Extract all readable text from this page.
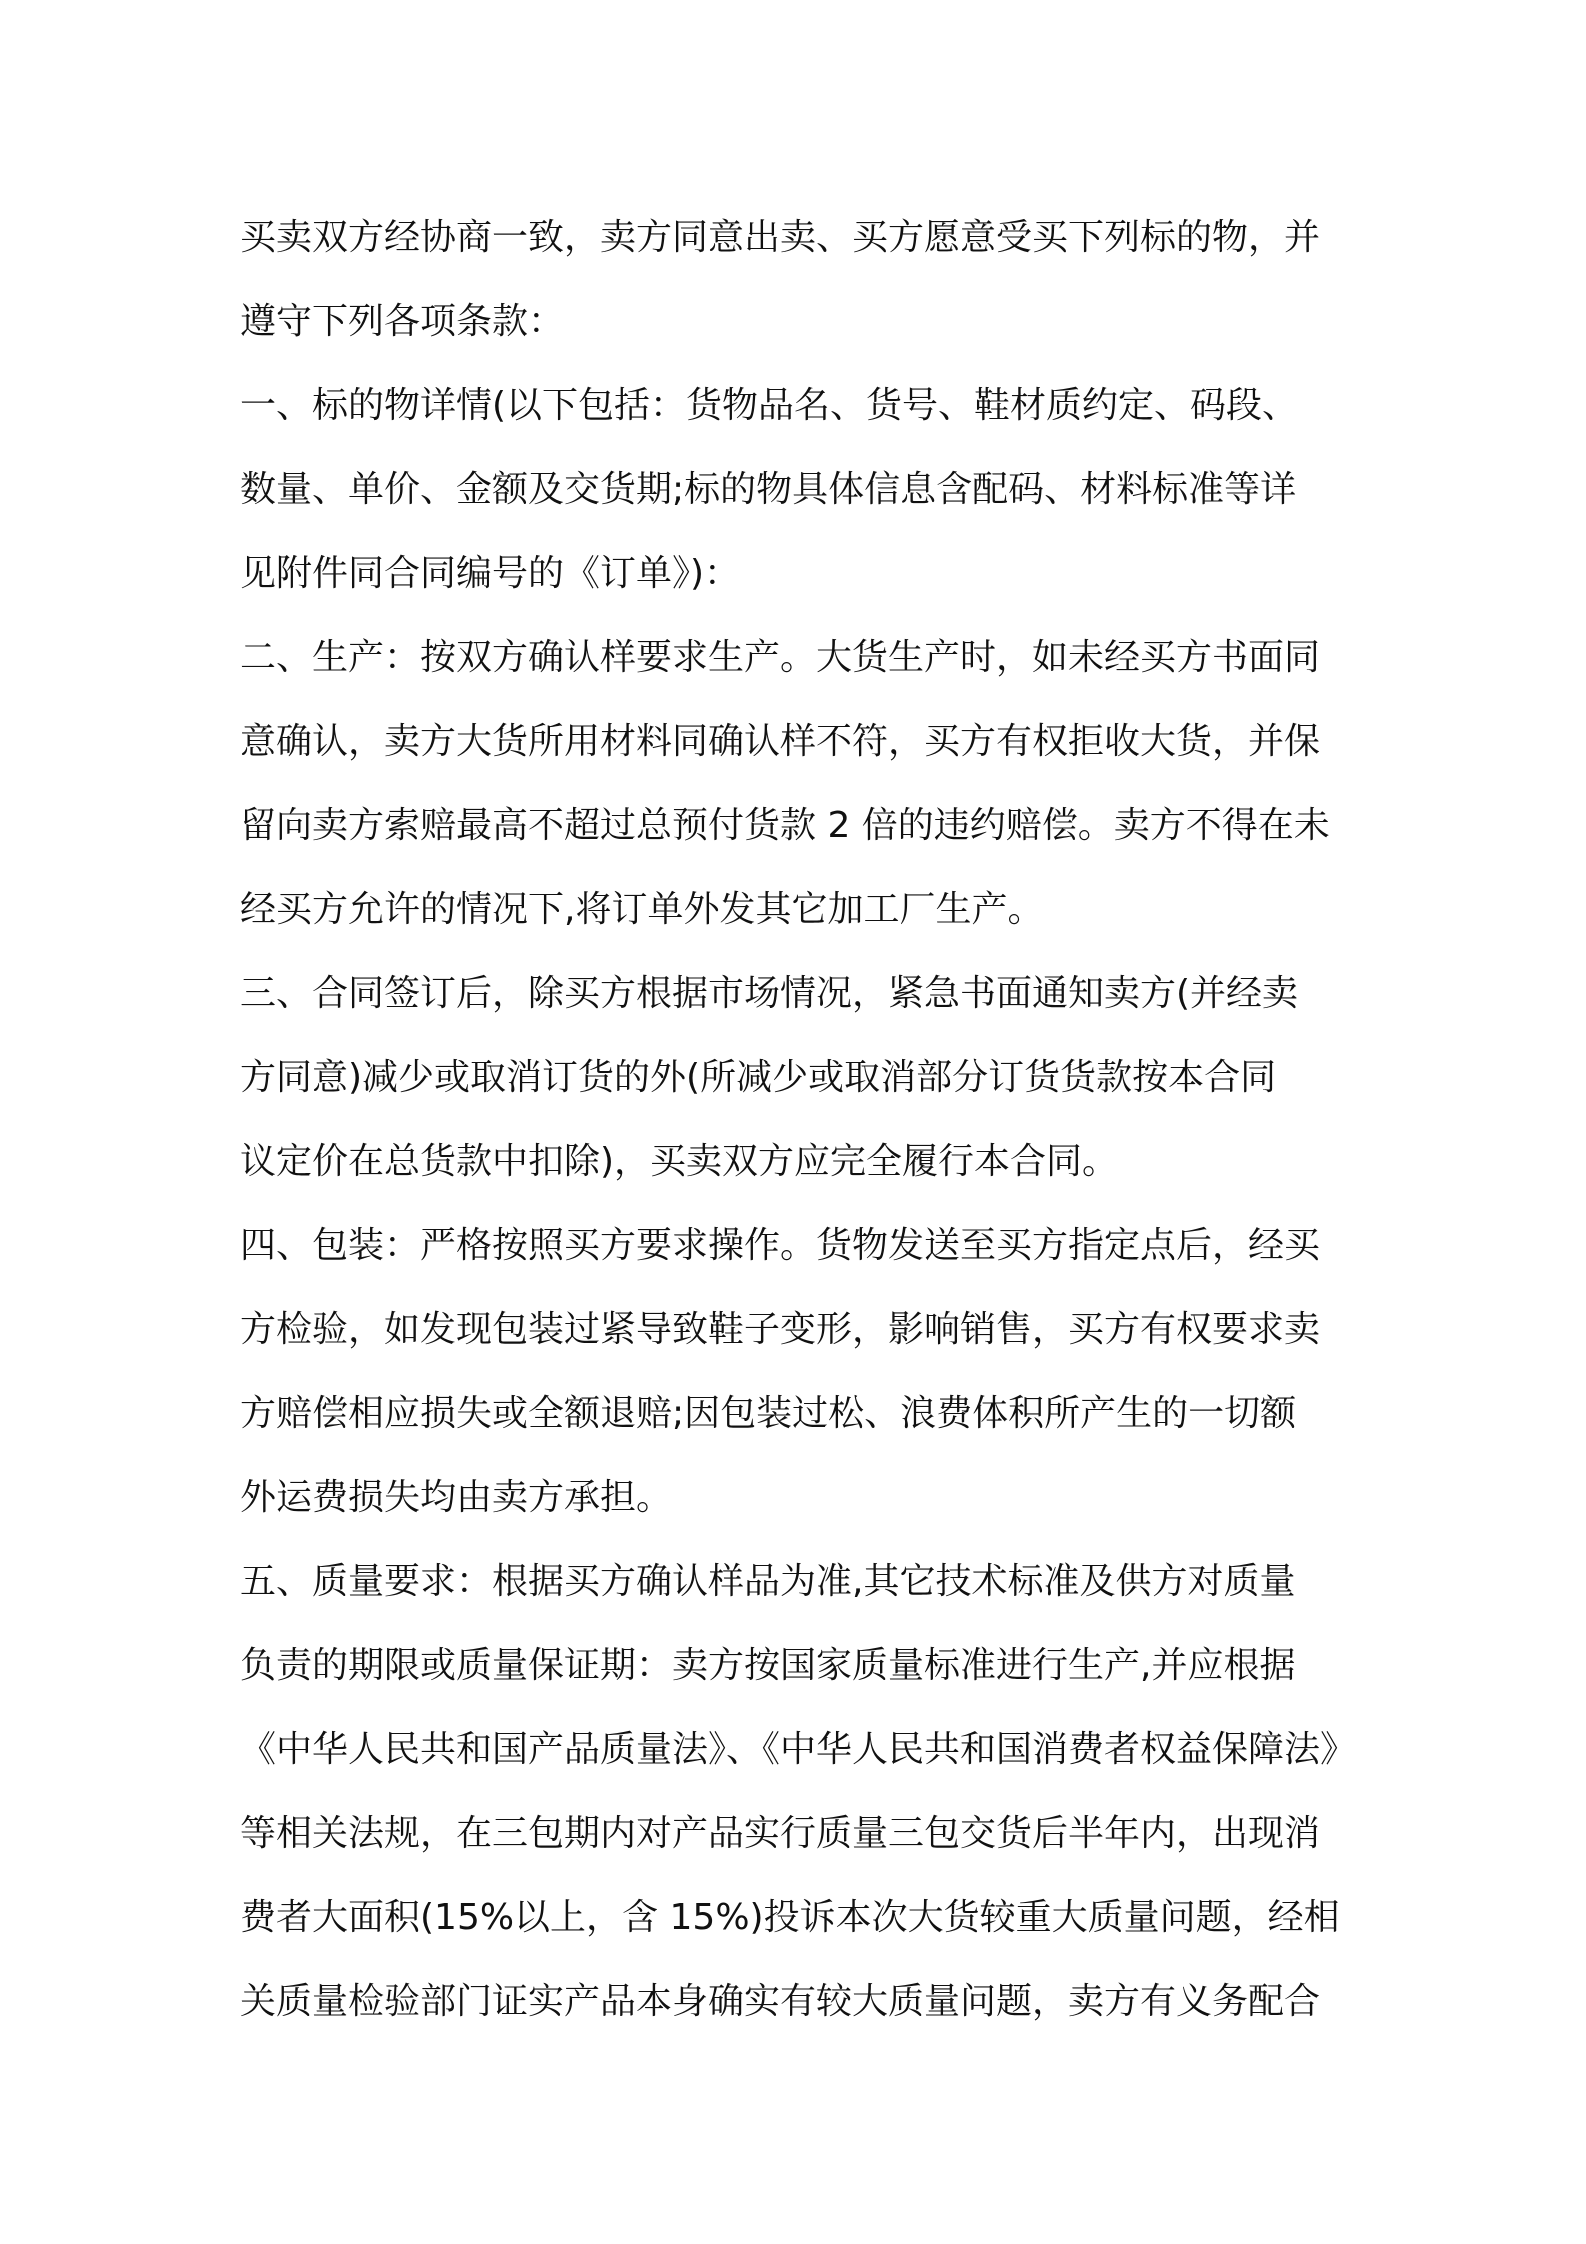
买卖双方经协商一致，卖方同意出卖、买方愿意受买下列标的物，并
遵守下列各项条款：
一、标的物详情(以下包括：货物品名、货号、鞋材质约定、码段、
数量、单价、金额及交货期;标的物具体信息含配码、材料标准等详
见附件同合同编号的《订单》)：
二、生产：按双方确认样要求生产。大货生产时，如未经买方书面同
意确认，卖方大货所用材料同确认样不符，买方有权拒收大货，并保
留向卖方索赔最高不超过总预付货款 2 倍的违约赔偿。卖方不得在未
经买方允许的情况下,将订单外发其它加工厂生产。
三、合同签订后，除买方根据市场情况，紧急书面通知卖方(并经卖
方同意)减少或取消订货的外(所减少或取消部分订货货款按本合同
议定价在总货款中扣除)，买卖双方应完全履行本合同。
四、包装：严格按照买方要求操作。货物发送至买方指定点后，经买
方检验，如发现包装过紧导致鞋子变形，影响销售，买方有权要求卖
方赔偿相应损失或全额退赔;因包装过松、浪费体积所产生的一切额
外运费损失均由卖方承担。
五、质量要求：根据买方确认样品为准,其它技术标准及供方对质量
负责的期限或质量保证期：卖方按国家质量标准进行生产,并应根据
《中华人民共和国产品质量法》、《中华人民共和国消费者权益保障法》
等相关法规，在三包期内对产品实行质量三包交货后半年内，出现消
费者大面积(15%以上，含 15%)投诉本次大货较重大质量问题，经相
关质量检验部门证实产品本身确实有较大质量问题，卖方有义务配合
